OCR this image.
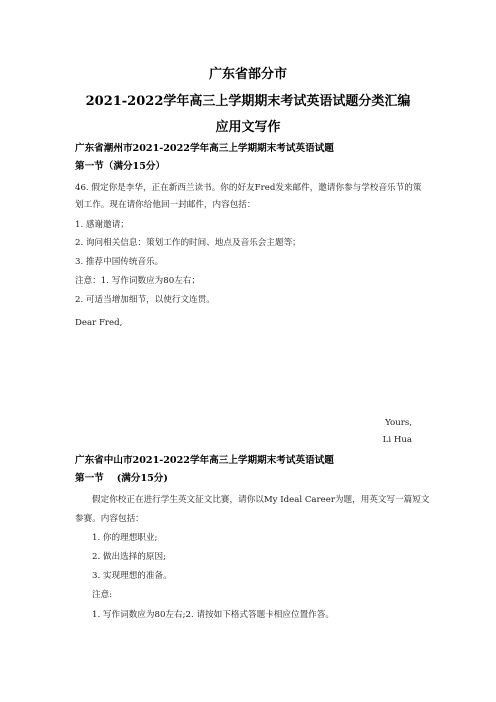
广东省部分市
2021-2022学年高三上学期期末考试英语试题分类汇编
应用文写作
广东省潮州市2021-2022学年高三上学期期末考试英语试题
第一节（满分15分）
46. 假定你是李华，正在新西兰读书。你的好友Fred发来邮件，邀请你参与学校音乐节的策
划工作。现在请你给他回一封邮件，内容包括：
1. 感谢邀请；
2. 询问相关信息：策划工作的时间、地点及音乐会主题等；
3. 推荐中国传统音乐。
注意：1. 写作词数应为80左右；
2. 可适当增加细节，以使行文连贯。
Dear Fred,
Yours,
Li Hua
广东省中山市2021-2022学年高三上学期期末考试英语试题
第一节　 (满分15分)
假定你校正在进行学生英文征文比赛，请你以My Ideal Career为题，用英文写一篇短文
参赛。内容包括：
1. 你的理想职业;
2. 做出选择的原因;
3. 实现理想的准备。
注意:
1. 写作词数应为80左右;2. 请按如下格式答题卡相应位置作答。
